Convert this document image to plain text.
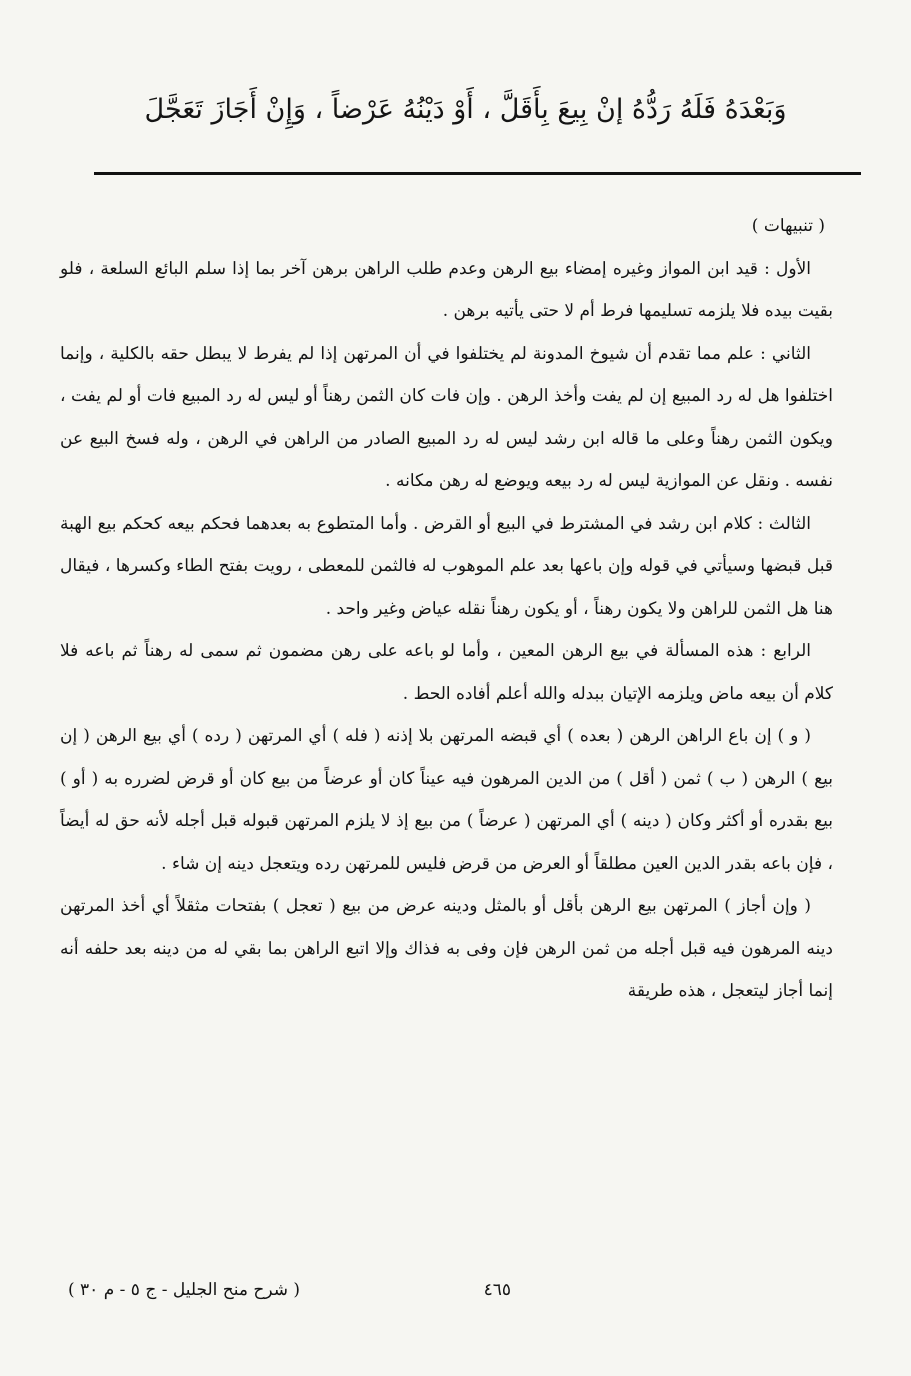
وَبَعْدَهُ فَلَهُ رَدُّهُ إنْ بِيعَ بِأَقَلَّ ، أَوْ دَيْنُهُ عَرْضاً ، وَإِنْ أَجَازَ تَعَجَّلَ

( تنبيهات )

الأول : قيد ابن المواز وغيره إمضاء بيع الرهن وعدم طلب الراهن برهن آخر بما إذا سلم البائع السلعة ، فلو بقيت بيده فلا يلزمه تسليمها فرط أم لا حتى يأتيه برهن .

الثاني : علم مما تقدم أن شيوخ المدونة لم يختلفوا في أن المرتهن إذا لم يفرط لا يبطل حقه بالكلية ، وإنما اختلفوا هل له رد المبيع إن لم يفت وأخذ الرهن . وإن فات كان الثمن رهناً أو ليس له رد المبيع فات أو لم يفت ، ويكون الثمن رهناً وعلى ما قاله ابن رشد ليس له رد المبيع الصادر من الراهن في الرهن ، وله فسخ البيع عن نفسه . ونقل عن الموازية ليس له رد بيعه ويوضع له رهن مكانه .

الثالث : كلام ابن رشد في المشترط في البيع أو القرض . وأما المتطوع به بعدهما فحكم بيعه كحكم بيع الهبة قبل قبضها وسيأتي في قوله وإن باعها بعد علم الموهوب له فالثمن للمعطى ، رويت بفتح الطاء وكسرها ، فيقال هنا هل الثمن للراهن ولا يكون رهناً ، أو يكون رهناً نقله عياض وغير واحد .

الرابع : هذه المسألة في بيع الرهن المعين ، وأما لو باعه على رهن مضمون ثم سمى له رهناً ثم باعه فلا كلام أن بيعه ماض ويلزمه الإتيان ببدله والله أعلم أفاده الحط .

( و ) إن باع الراهن الرهن ( بعده ) أي قبضه المرتهن بلا إذنه ( فله ) أي المرتهن ( رده ) أي بيع الرهن ( إن بيع ) الرهن ( ب ) ثمن ( أقل ) من الدين المرهون فيه عيناً كان أو عرضاً من بيع كان أو قرض لضرره به ( أو ) بيع بقدره أو أكثر وكان ( دينه ) أي المرتهن ( عرضاً ) من بيع إذ لا يلزم المرتهن قبوله قبل أجله لأنه حق له أيضاً ، فإن باعه بقدر الدين العين مطلقاً أو العرض من قرض فليس للمرتهن رده ويتعجل دينه إن شاء .

( وإن أجاز ) المرتهن بيع الرهن بأقل أو بالمثل ودينه عرض من بيع ( تعجل ) بفتحات مثقلاً أي أخذ المرتهن دينه المرهون فيه قبل أجله من ثمن الرهن فإن وفى به فذاك وإلا اتبع الراهن بما بقي له من دينه بعد حلفه أنه إنما أجاز ليتعجل ، هذه طريقة

٤٦٥
( شرح منح الجليل - ج ٥ - م ٣٠ )
